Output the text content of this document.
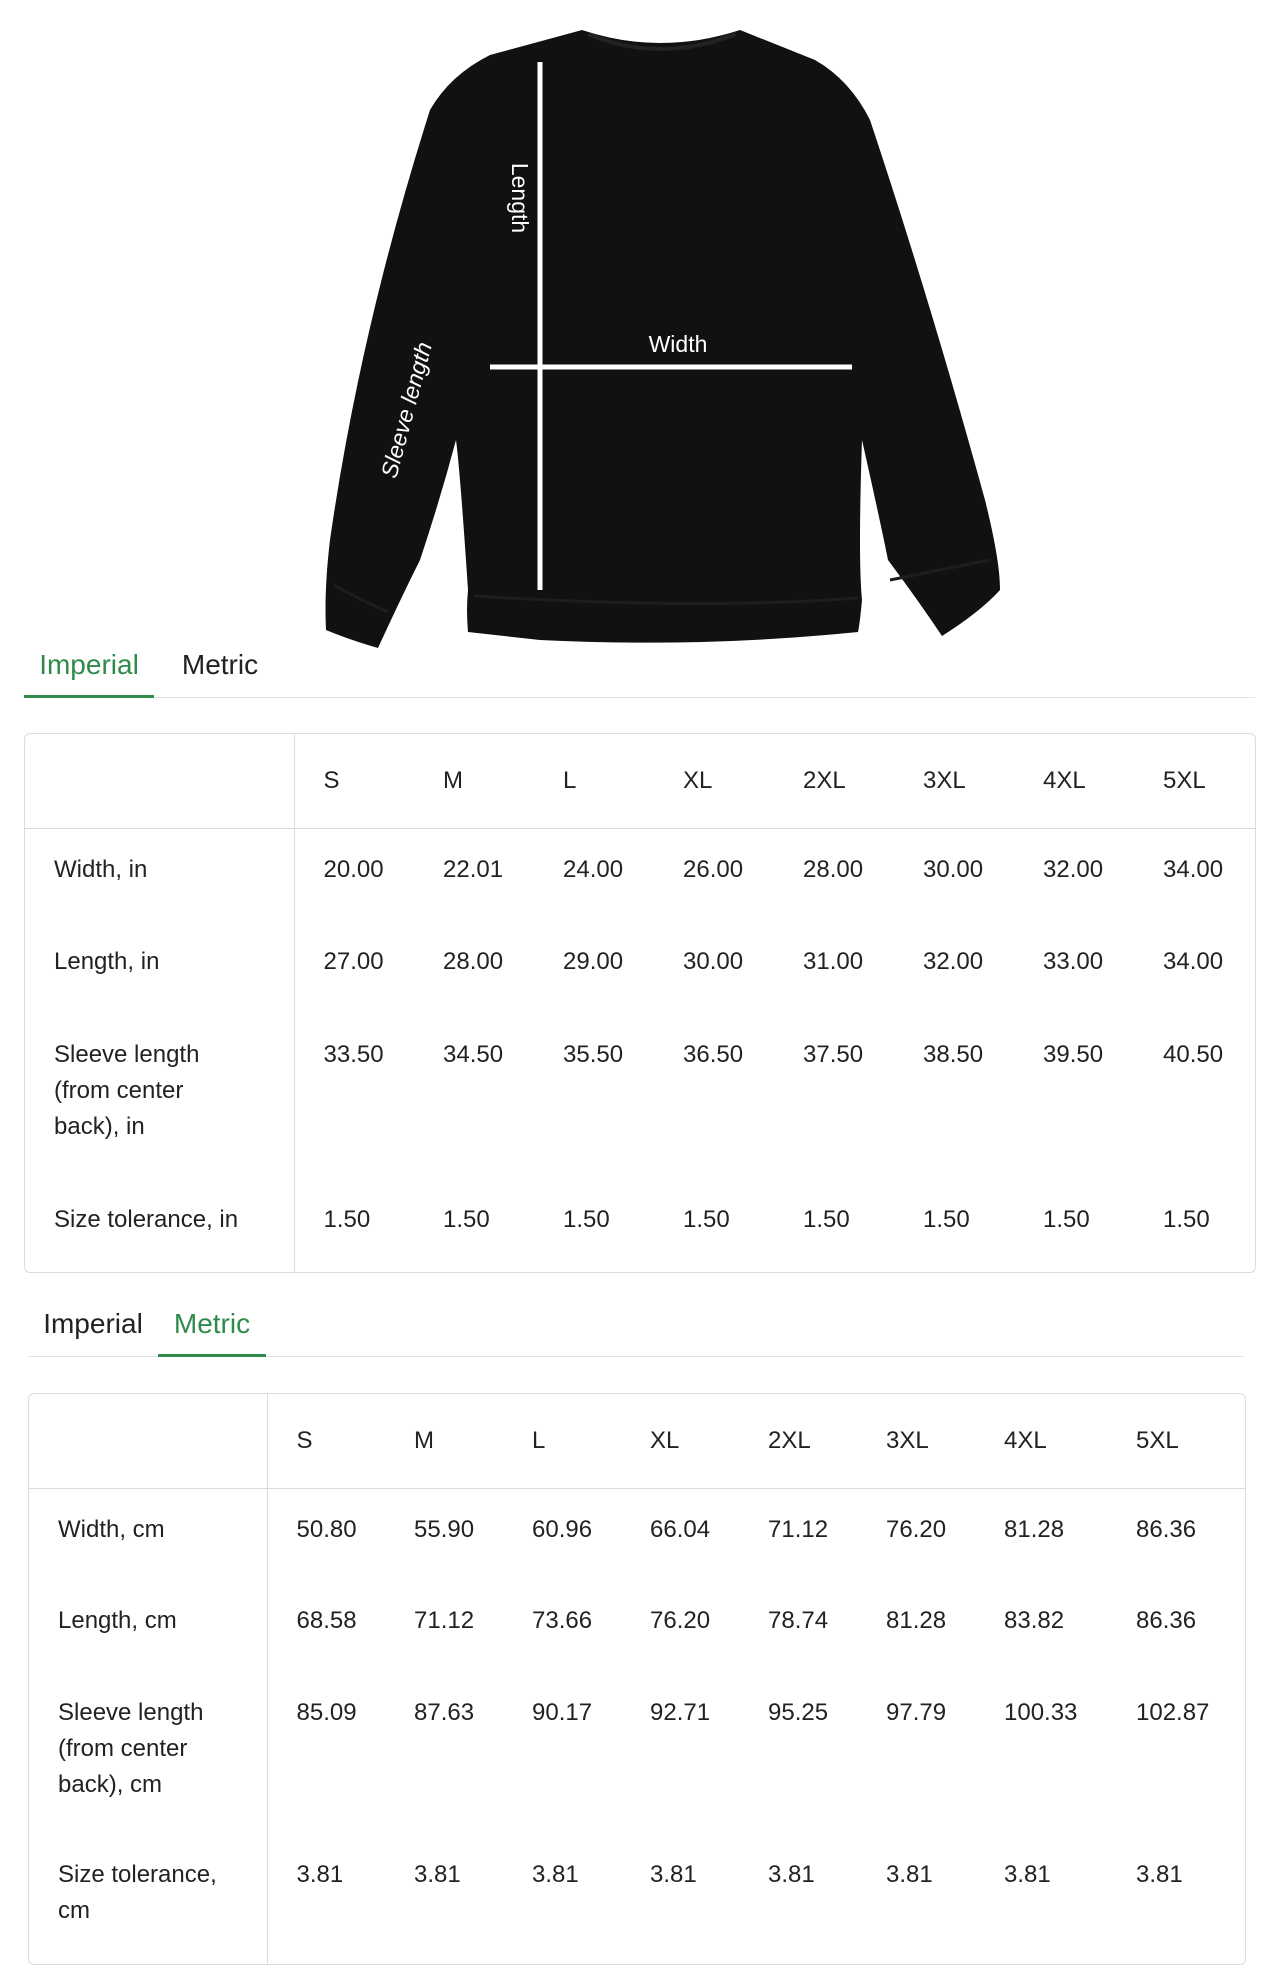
Length
Width
Sleeve length
Imperial	Metric
	S	M	L	XL	2XL	3XL	4XL	5XL
Width, in	20.00	22.01	24.00	26.00	28.00	30.00	32.00	34.00
Length, in	27.00	28.00	29.00	30.00	31.00	32.00	33.00	34.00
Sleeve length (from center back), in	33.50	34.50	35.50	36.50	37.50	38.50	39.50	40.50
Size tolerance, in	1.50	1.50	1.50	1.50	1.50	1.50	1.50	1.50
Imperial	Metric
	S	M	L	XL	2XL	3XL	4XL	5XL
Width, cm	50.80	55.90	60.96	66.04	71.12	76.20	81.28	86.36
Length, cm	68.58	71.12	73.66	76.20	78.74	81.28	83.82	86.36
Sleeve length (from center back), cm	85.09	87.63	90.17	92.71	95.25	97.79	100.33	102.87
Size tolerance, cm	3.81	3.81	3.81	3.81	3.81	3.81	3.81	3.81
